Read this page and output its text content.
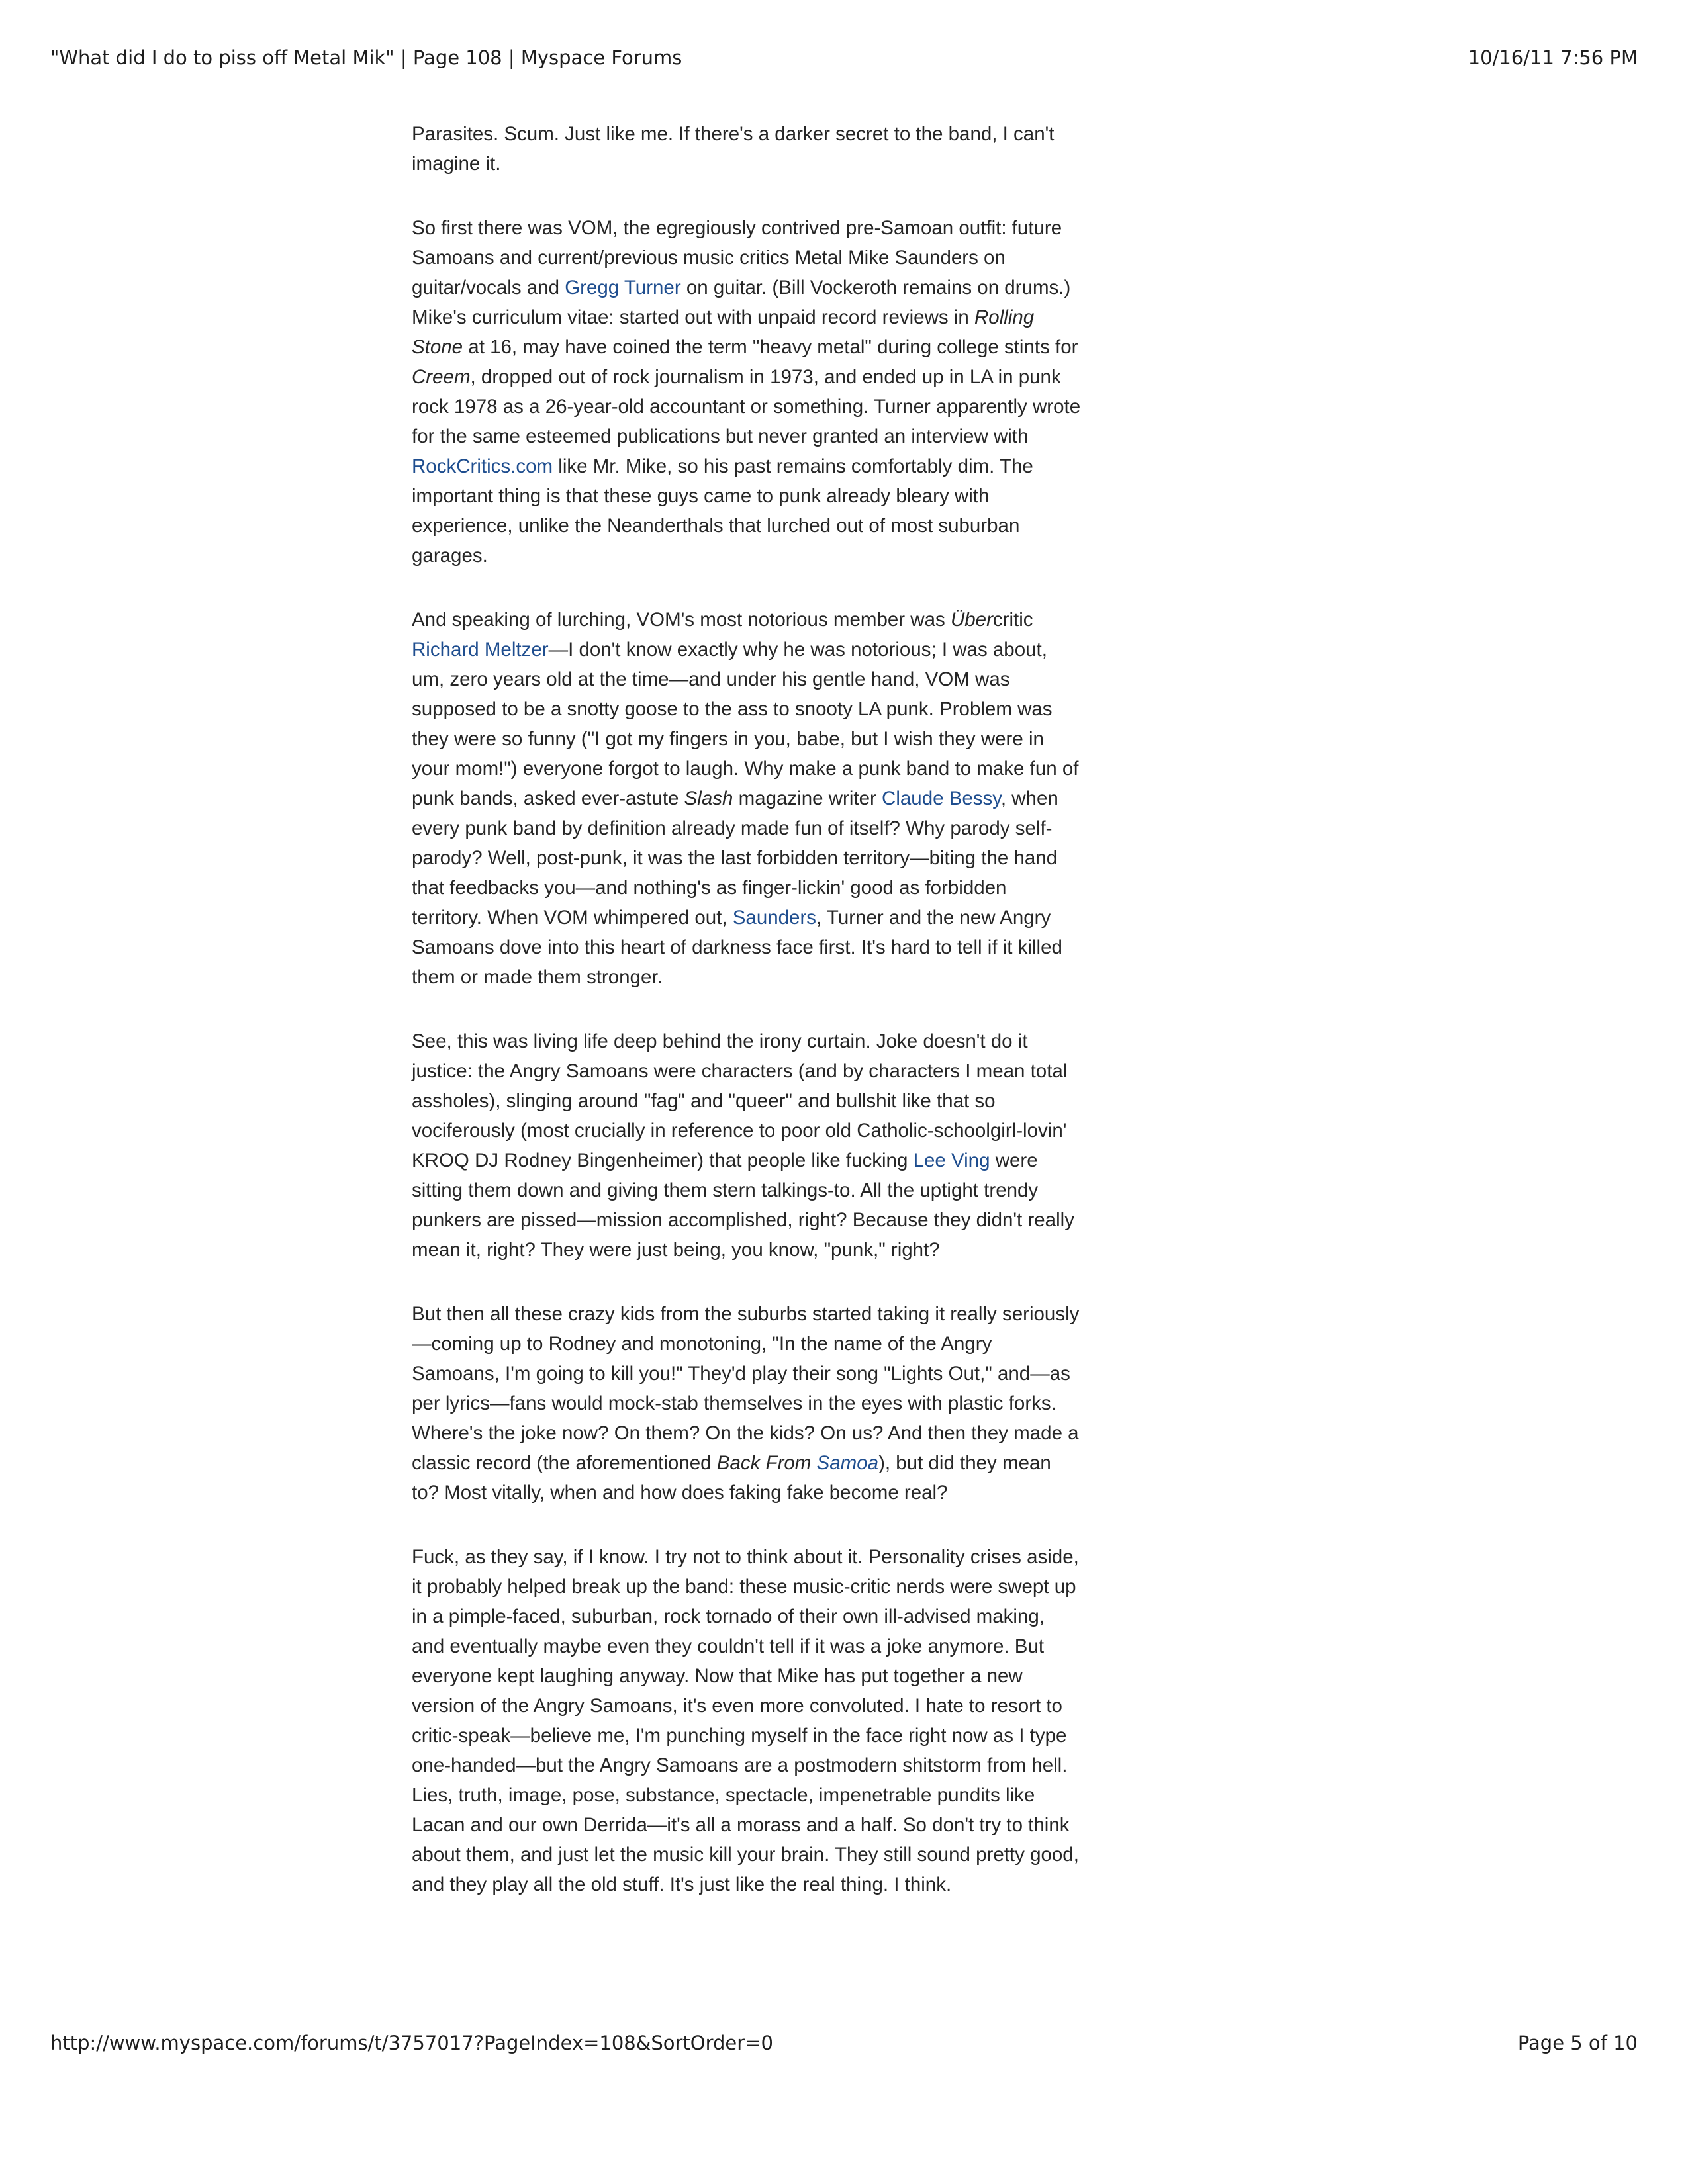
"What did I do to piss off Metal Mik" | Page 108 | Myspace Forums	10/16/11 7:56 PM

Parasites. Scum. Just like me. If there's a darker secret to the band, I can't imagine it.

So first there was VOM, the egregiously contrived pre-Samoan outfit: future Samoans and current/previous music critics Metal Mike Saunders on guitar/vocals and Gregg Turner on guitar. (Bill Vockeroth remains on drums.) Mike's curriculum vitae: started out with unpaid record reviews in Rolling Stone at 16, may have coined the term "heavy metal" during college stints for Creem, dropped out of rock journalism in 1973, and ended up in LA in punk rock 1978 as a 26-year-old accountant or something. Turner apparently wrote for the same esteemed publications but never granted an interview with RockCritics.com like Mr. Mike, so his past remains comfortably dim. The important thing is that these guys came to punk already bleary with experience, unlike the Neanderthals that lurched out of most suburban garages.

And speaking of lurching, VOM's most notorious member was Übercritic Richard Meltzer—I don't know exactly why he was notorious; I was about, um, zero years old at the time—and under his gentle hand, VOM was supposed to be a snotty goose to the ass to snooty LA punk. Problem was they were so funny ("I got my fingers in you, babe, but I wish they were in your mom!") everyone forgot to laugh. Why make a punk band to make fun of punk bands, asked ever-astute Slash magazine writer Claude Bessy, when every punk band by definition already made fun of itself? Why parody self-parody? Well, post-punk, it was the last forbidden territory—biting the hand that feedbacks you—and nothing's as finger-lickin' good as forbidden territory. When VOM whimpered out, Saunders, Turner and the new Angry Samoans dove into this heart of darkness face first. It's hard to tell if it killed them or made them stronger.

See, this was living life deep behind the irony curtain. Joke doesn't do it justice: the Angry Samoans were characters (and by characters I mean total assholes), slinging around "fag" and "queer" and bullshit like that so vociferously (most crucially in reference to poor old Catholic-schoolgirl-lovin' KROQ DJ Rodney Bingenheimer) that people like fucking Lee Ving were sitting them down and giving them stern talkings-to. All the uptight trendy punkers are pissed—mission accomplished, right? Because they didn't really mean it, right? They were just being, you know, "punk," right?

But then all these crazy kids from the suburbs started taking it really seriously—coming up to Rodney and monotoning, "In the name of the Angry Samoans, I'm going to kill you!" They'd play their song "Lights Out," and—as per lyrics—fans would mock-stab themselves in the eyes with plastic forks. Where's the joke now? On them? On the kids? On us? And then they made a classic record (the aforementioned Back From Samoa), but did they mean to? Most vitally, when and how does faking fake become real?

Fuck, as they say, if I know. I try not to think about it. Personality crises aside, it probably helped break up the band: these music-critic nerds were swept up in a pimple-faced, suburban, rock tornado of their own ill-advised making, and eventually maybe even they couldn't tell if it was a joke anymore. But everyone kept laughing anyway. Now that Mike has put together a new version of the Angry Samoans, it's even more convoluted. I hate to resort to critic-speak—believe me, I'm punching myself in the face right now as I type one-handed—but the Angry Samoans are a postmodern shitstorm from hell. Lies, truth, image, pose, substance, spectacle, impenetrable pundits like Lacan and our own Derrida—it's all a morass and a half. So don't try to think about them, and just let the music kill your brain. They still sound pretty good, and they play all the old stuff. It's just like the real thing. I think.

http://www.myspace.com/forums/t/3757017?PageIndex=108&SortOrder=0	Page 5 of 10
